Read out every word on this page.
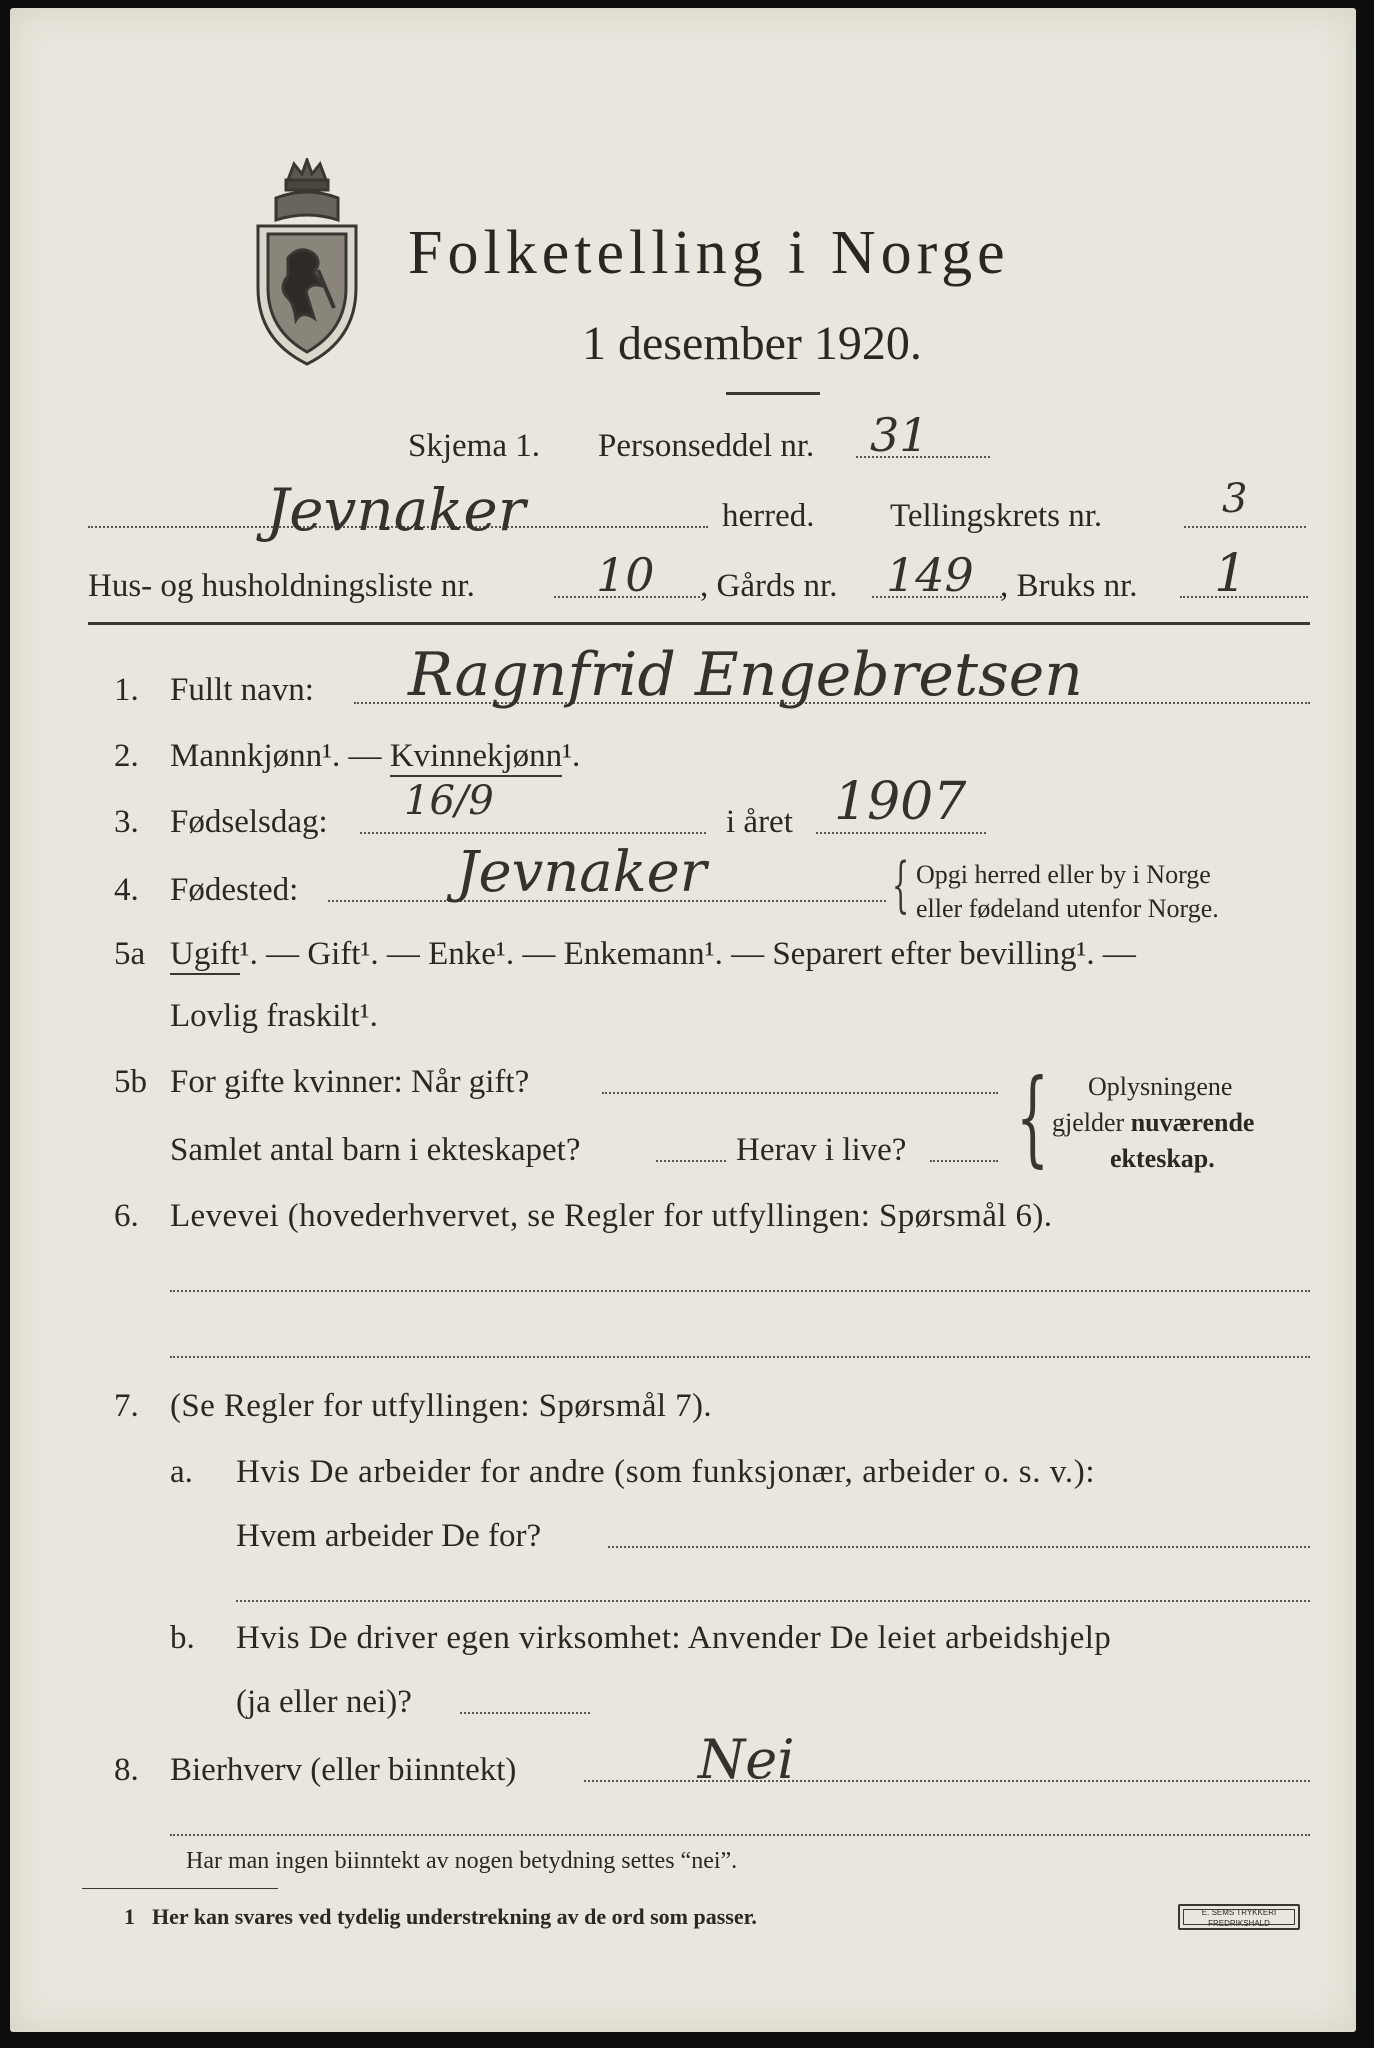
Folketelling i Norge
1 desember 1920.
Skjema 1. Personseddel nr. 31
Jevnaker	herred. Tellingskrets nr.	3
Hus- og husholdningsliste nr.	10 , Gårds nr. 149 , Bruks nr. 1
1. Fullt navn: Ragnfrid Engebretsen
2. Mannkjønn¹. — Kvinnekjønn¹.
3. Fødselsdag: 16/9	i året 1907
4. Fødested:	Jevnaker	{ Opgi herred eller by i Norge
eller fødeland utenfor Norge.
5a Ugift¹. — Gift¹. — Enke¹. — Enkemann¹. — Separert efter bevilling¹. —
Lovlig fraskilt¹.
5b For gifte kvinner: Når gift?
Samlet antal barn i ekteskapet?	Herav i live? { Oplysningene
gjelder nuværende
ekteskap.
6. Levevei (hovederhvervet, se Regler for utfyllingen: Spørsmål 6).
7. (Se Regler for utfyllingen: Spørsmål 7).
a. Hvis De arbeider for andre (som funksjonær, arbeider o. s. v.):
Hvem arbeider De for?
b. Hvis De driver egen virksomhet: Anvender De leiet arbeidshjelp
(ja eller nei)?
8. Bierhverv (eller biinntekt)	Nei
Har man ingen biinntekt av nogen betydning settes “nei”.
1 Her kan svares ved tydelig understrekning av de ord som passer.	E. SEMS TRYKKERI
FREDRIKSHALD
